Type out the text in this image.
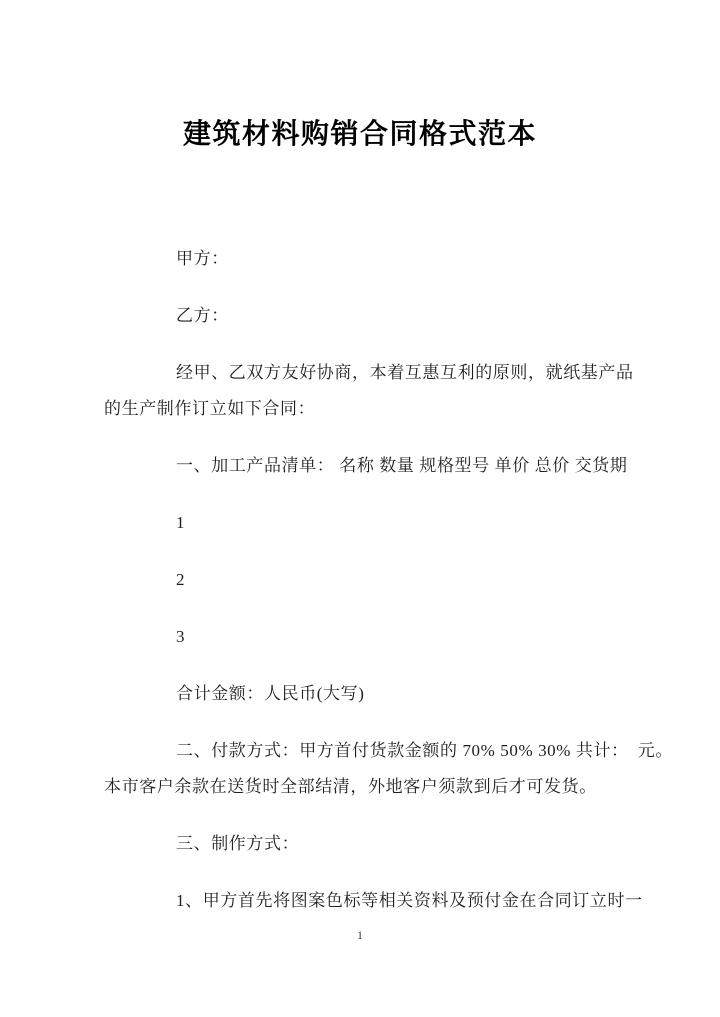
建筑材料购销合同格式范本
甲方：
乙方：
经甲、乙双方友好协商，本着互惠互利的原则，就纸基产品
的生产制作订立如下合同：
一、加工产品清单： 名称 数量 规格型号 单价 总价 交货期
1
2
3
合计金额：人民币(大写)
二、付款方式：甲方首付货款金额的 70% 50% 30% 共计：　元。
本市客户余款在送货时全部结清，外地客户须款到后才可发货。
三、制作方式：
1、甲方首先将图案色标等相关资料及预付金在合同订立时一
1
